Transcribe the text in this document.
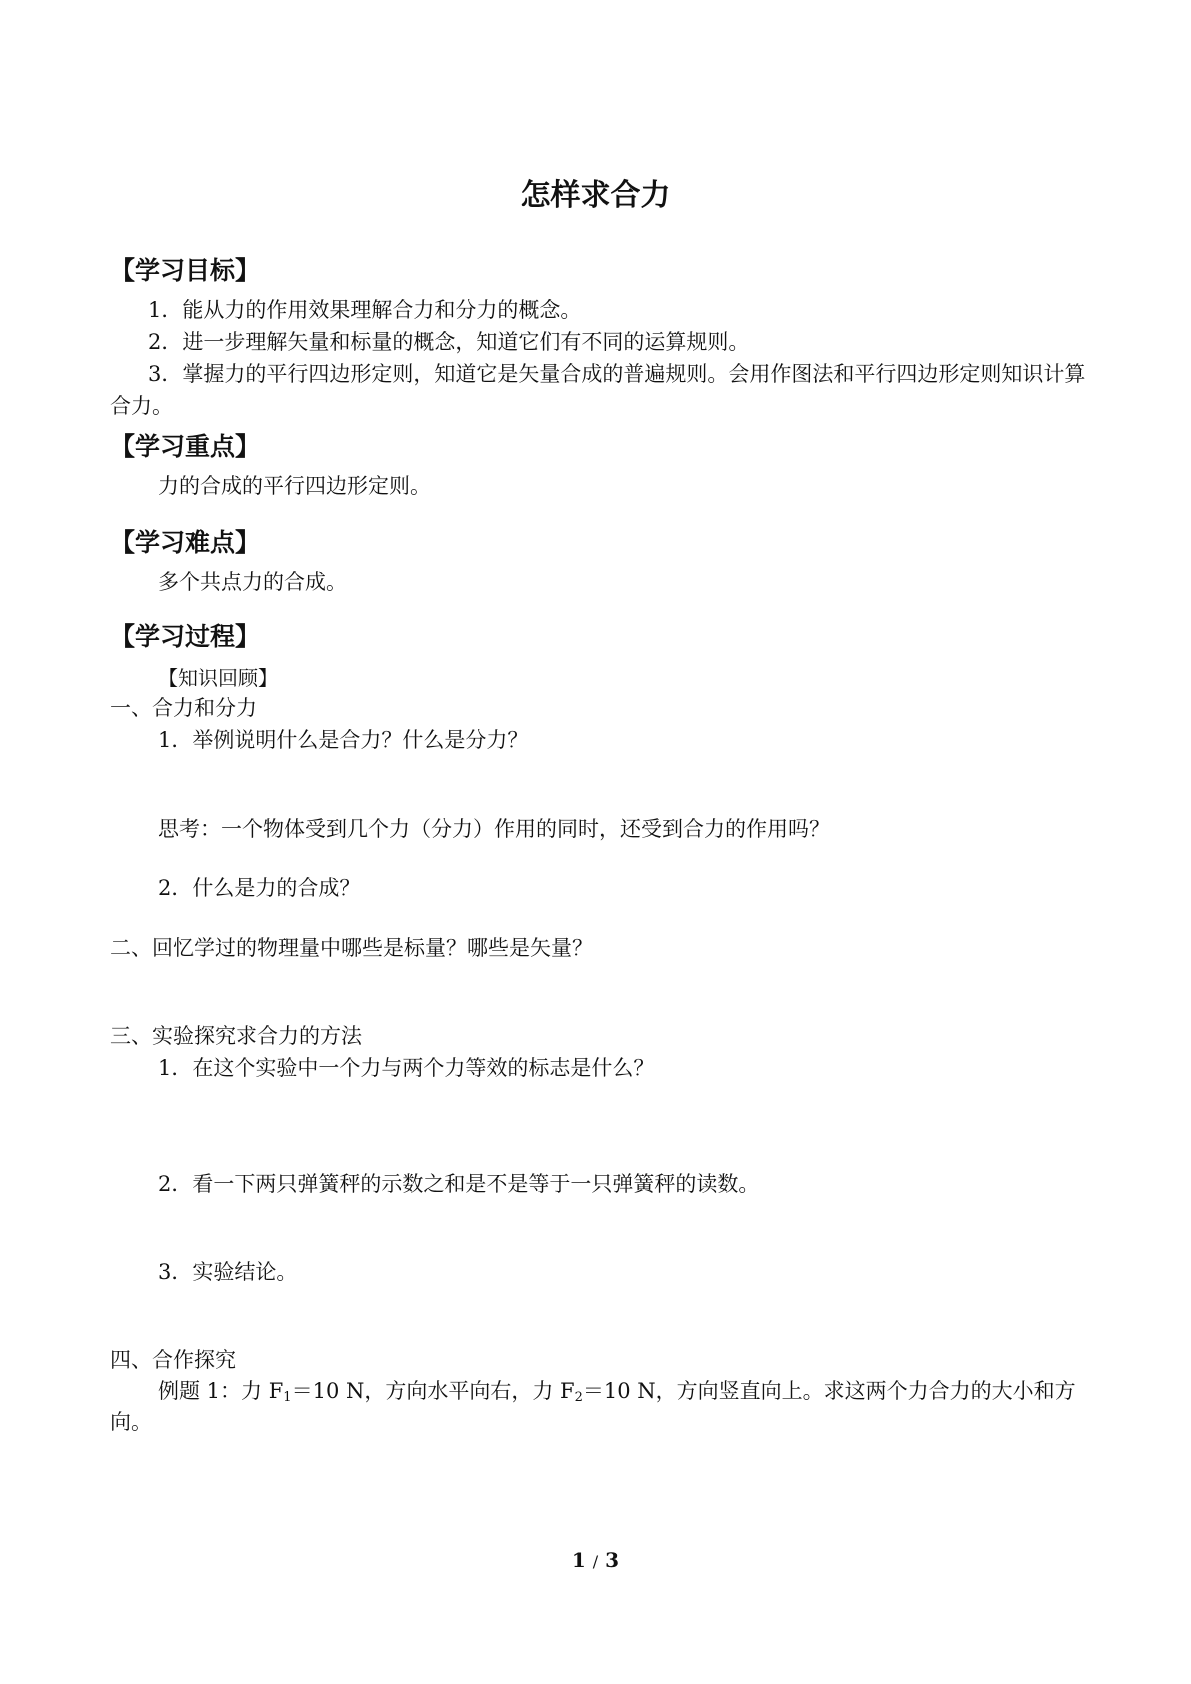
怎样求合力
【学习目标】
1．能从力的作用效果理解合力和分力的概念。
2．进一步理解矢量和标量的概念，知道它们有不同的运算规则。
3．掌握力的平行四边形定则，知道它是矢量合成的普遍规则。会用作图法和平行四边形定则知识计算合力。
【学习重点】
力的合成的平行四边形定则。
【学习难点】
多个共点力的合成。
【学习过程】
【知识回顾】
一、合力和分力
1．举例说明什么是合力？什么是分力？
思考：一个物体受到几个力（分力）作用的同时，还受到合力的作用吗？
2．什么是力的合成？
二、回忆学过的物理量中哪些是标量？哪些是矢量？
三、实验探究求合力的方法
1．在这个实验中一个力与两个力等效的标志是什么？
2．看一下两只弹簧秤的示数之和是不是等于一只弹簧秤的读数。
3．实验结论。
四、合作探究
例题 1：力 $F_1=10$ N，方向水平向右，力 $F_2=10$ N，方向竖直向上。求这两个力合力的大小和方向。
1 / 3
